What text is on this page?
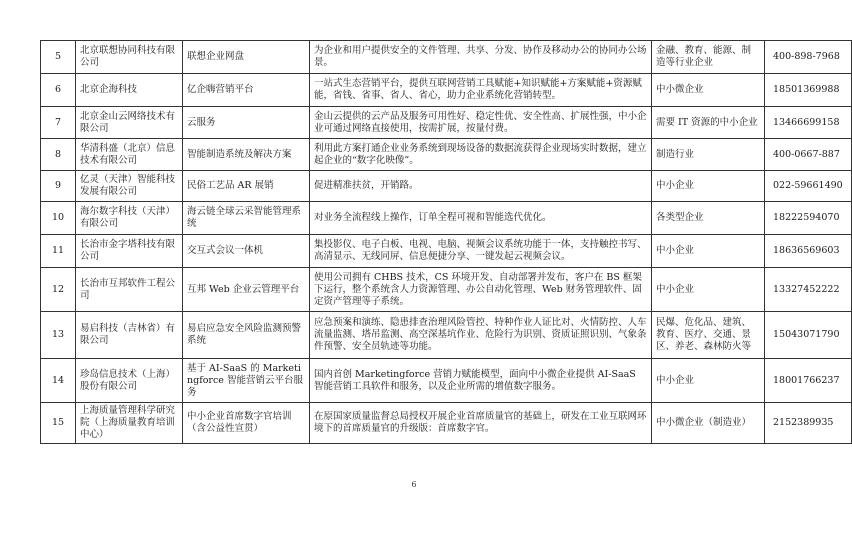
5	北京联想协同科技有限公司	联想企业网盘	为企业和用户提供安全的文件管理、共享、分发、协作及移动办公的协同办公场景。	金融、教育、能源、制造等行业企业	400-898-7968
6	北京企海科技	亿企嗨营销平台	一站式生态营销平台，提供互联网营销工具赋能+知识赋能+方案赋能+资源赋能，省钱、省事、省人、省心，助力企业系统化营销转型。	中小微企业	18501369988
7	北京金山云网络技术有限公司	云服务	金山云提供的云产品及服务可用性好、稳定性优、安全性高、扩展性强，中小企业可通过网络直接使用，按需扩展，按量付费。	需要 IT 资源的中小企业	13466699158
8	华清科盛（北京）信息技术有限公司	智能制造系统及解决方案	利用此方案打通企业业务系统到现场设备的数据流获得企业现场实时数据，建立起企业的“数字化映像”。	制造行业	400-0667-887
9	亿灵（天津）智能科技发展有限公司	民俗工艺品 AR 展销	促进精准扶贫，开销路。	中小企业	022-59661490
10	海尔数字科技（天津）有限公司	海云链全球云采智能管理系统	对业务全流程线上操作，订单全程可视和智能选代优化。	各类型企业	18222594070
11	长治市金字塔科技有限公司	交互式会议一体机	集投影仪、电子白板、电视、电脑、视频会议系统功能于一体，支持触控书写、高清显示、无线同屏、信息便捷分享、一键发起云视频会议。	中小企业	18636569603
12	长治市互邦软件工程公司	互邦 Web 企业云管理平台	使用公司拥有 CHBS 技术，CS 环境开发、自动部署并发布，客户在 BS 框架下运行，整个系统含人力资源管理、办公自动化管理、Web 财务管理软件、固定资产管理等子系统。	中小企业	13327452222
13	易启科技（吉林省）有限公司	易启应急安全风险监测预警系统	应急预案和演练、隐患排查治理风险管控、特种作业人证比对、火情防控、人车流量监测、塔吊监测、高空深基坑作业、危险行为识别、资质证照识别、气象条件预警、安全员轨迹等功能。	民爆、危化品、建筑、教育、医疗、交通、景区、养老、森林防火等	15043071790
14	珍岛信息技术（上海）股份有限公司	基于 AI-SaaS 的 Marketingforce 智能营销云平台服务	国内首创 Marketingforce 营销力赋能模型，面向中小微企业提供 AI-SaaS 智能营销工具软件和服务，以及企业所需的增值数字服务。	中小企业	18001766237
15	上海质量管理科学研究院（上海质量教育培训中心）	中小企业首席数字官培训（含公益性宣贯）	在原国家质量监督总局授权开展企业首席质量官的基础上，研发在工业互联网环境下的首席质量官的升级版：首席数字官。	中小微企业（制造业）	2152389935
6
